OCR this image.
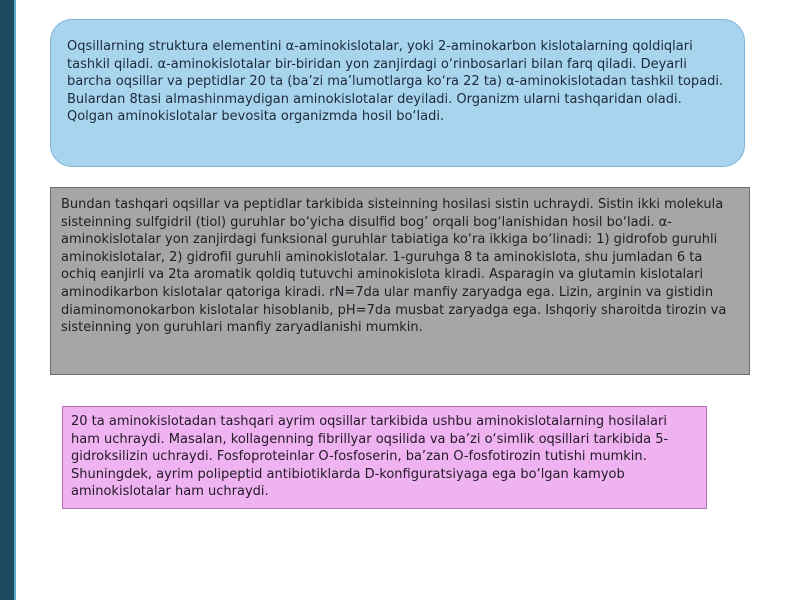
Oqsillarning struktura elementini α-aminokislotalar, yoki 2-aminokarbon kislotalarning qoldiqlari tashkil qiladi. α-aminokislotalar bir-biridan yon zanjirdagi o‘rinbosarlari bilan farq qiladi. Deyarli barcha oqsillar va peptidlar 20 ta (ba’zi ma’lumotlarga ko‘ra 22 ta) α-aminokislotadan tashkil topadi. Bulardan 8tasi almashinmaydigan aminokislotalar deyiladi. Organizm ularni tashqaridan oladi. Qolgan aminokislotalar bevosita organizmda hosil bo‘ladi.

Bundan tashqari oqsillar va peptidlar tarkibida sisteinning hosilasi sistin uchraydi. Sistin ikki molekula sisteinning sulfgidril (tiol) guruhlar bo‘yicha disulfid bog’ orqali bog‘lanishidan hosil bo‘ladi. α-aminokislotalar yon zanjirdagi funksional guruhlar tabiatiga ko‘ra ikkiga bo‘linadi: 1) gidrofob guruhli aminokislotalar, 2) gidrofil guruhli aminokislotalar. 1-guruhga 8 ta aminokislota, shu jumladan 6 ta ochiq eanjirli va 2ta aromatik qoldiq tutuvchi aminokislota kiradi. Asparagin va glutamin kislotalari aminodikarbon kislotalar qatoriga kiradi. rN=7da ular manfiy zaryadga ega. Lizin, arginin va gistidin diaminomonokarbon kislotalar hisoblanib, pH=7da musbat zaryadga ega. Ishqoriy sharoitda tirozin va sisteinning yon guruhlari manfiy zaryadlanishi mumkin.

20 ta aminokislotadan tashqari ayrim oqsillar tarkibida ushbu aminokislotalarning hosilalari ham uchraydi. Masalan, kollagenning fibrillyar oqsilida va ba’zi o‘simlik oqsillari tarkibida 5-gidroksilizin uchraydi. Fosfoproteinlar O-fosfoserin, ba’zan O-fosfotirozin tutishi mumkin. Shuningdek, ayrim polipeptid antibiotiklarda D-konfiguratsiyaga ega bo‘lgan kamyob aminokislotalar ham uchraydi.
